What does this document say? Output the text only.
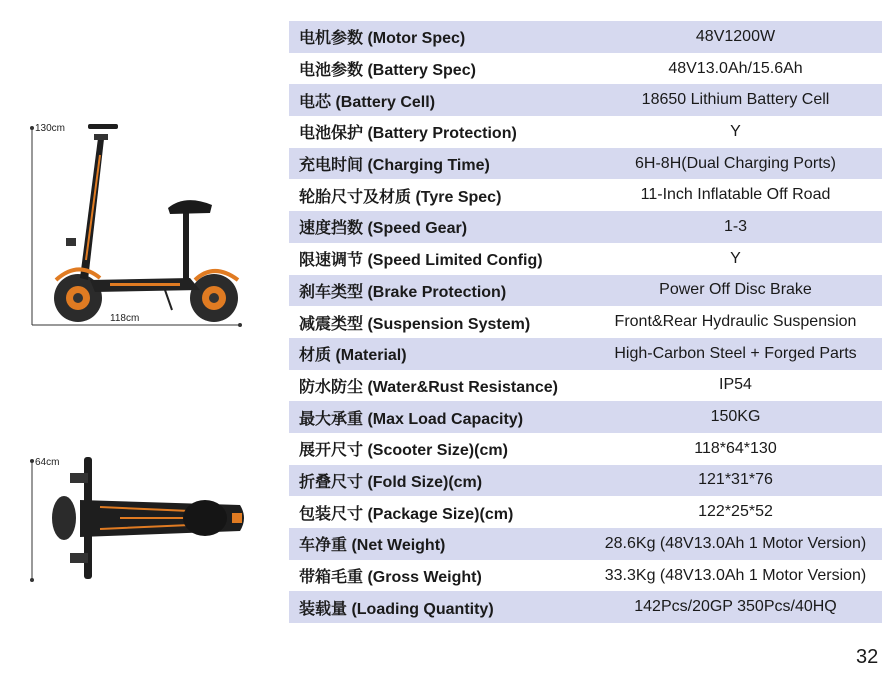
130cm
118cm
64cm
电机参数 (Motor Spec)	48V1200W
电池参数 (Battery Spec)	48V13.0Ah/15.6Ah
电芯 (Battery Cell)	18650 Lithium Battery Cell
电池保护 (Battery Protection)	Y
充电时间 (Charging Time)	6H-8H(Dual Charging Ports)
轮胎尺寸及材质 (Tyre Spec)	11-Inch Inflatable Off Road
速度挡数 (Speed Gear)	1-3
限速调节 (Speed Limited Config)	Y
刹车类型 (Brake Protection)	Power Off Disc Brake
减震类型 (Suspension System)	Front&Rear Hydraulic Suspension
材质 (Material)	High-Carbon Steel + Forged Parts
防水防尘 (Water&Rust Resistance)	IP54
最大承重 (Max Load Capacity)	150KG
展开尺寸 (Scooter Size)(cm)	118*64*130
折叠尺寸 (Fold Size)(cm)	121*31*76
包装尺寸 (Package Size)(cm)	122*25*52
车净重 (Net Weight)	28.6Kg (48V13.0Ah 1 Motor Version)
带箱毛重 (Gross Weight)	33.3Kg (48V13.0Ah 1 Motor Version)
装载量 (Loading Quantity)	142Pcs/20GP 350Pcs/40HQ
32
